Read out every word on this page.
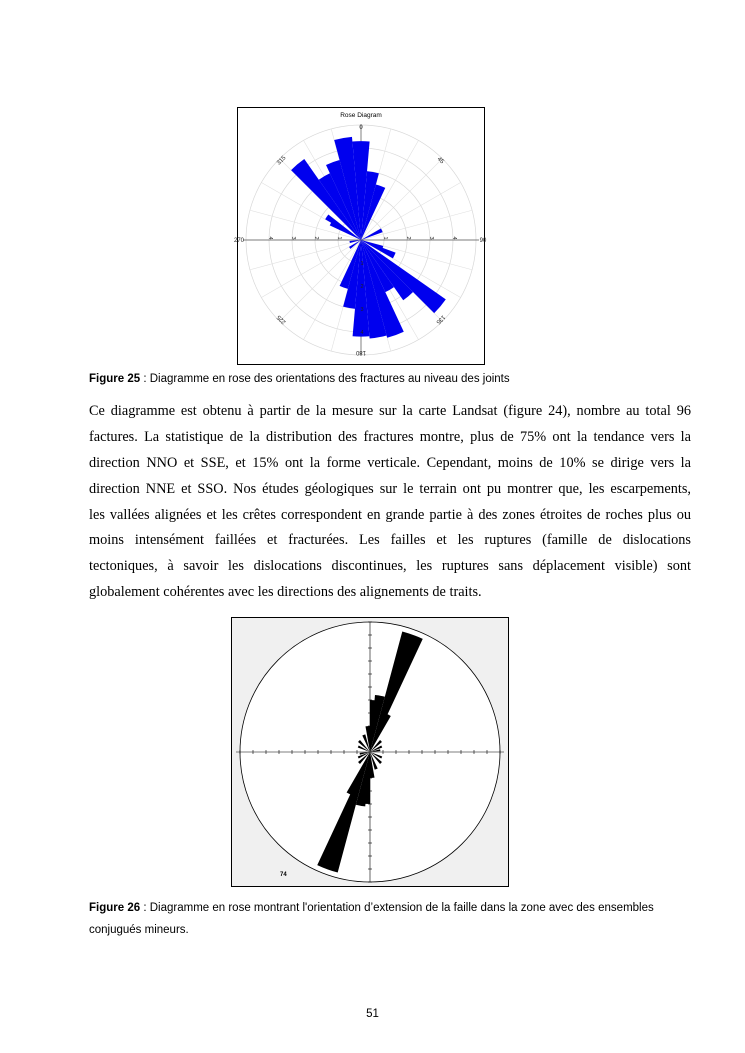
Rose Diagram
1
1
1
2
2
2
3
3
3
4
4
4
0
45
90
135
180
225
270
315
Figure 25 : Diagramme en rose des orientations des fractures au niveau des joints
Ce diagramme est obtenu à partir de la mesure sur la carte Landsat (figure 24), nombre au total 96
factures. La statistique de la distribution des fractures montre, plus de 75% ont la tendance vers la
direction NNO et SSE, et 15% ont la forme verticale. Cependant, moins de 10% se dirige vers la
direction NNE et SSO. Nos études géologiques sur le terrain ont pu montrer que, les escarpements,
les vallées alignées et les crêtes correspondent en grande partie à des zones étroites de roches plus ou
moins intensément faillées et fracturées. Les failles et les ruptures (famille de dislocations
tectoniques, à savoir les dislocations discontinues, les ruptures sans déplacement visible) sont
globalement cohérentes avec les directions des alignements de traits.
74
Figure 26 : Diagramme en rose montrant l'orientation d’extension de la faille dans la zone avec des ensembles conjugués mineurs.
51
